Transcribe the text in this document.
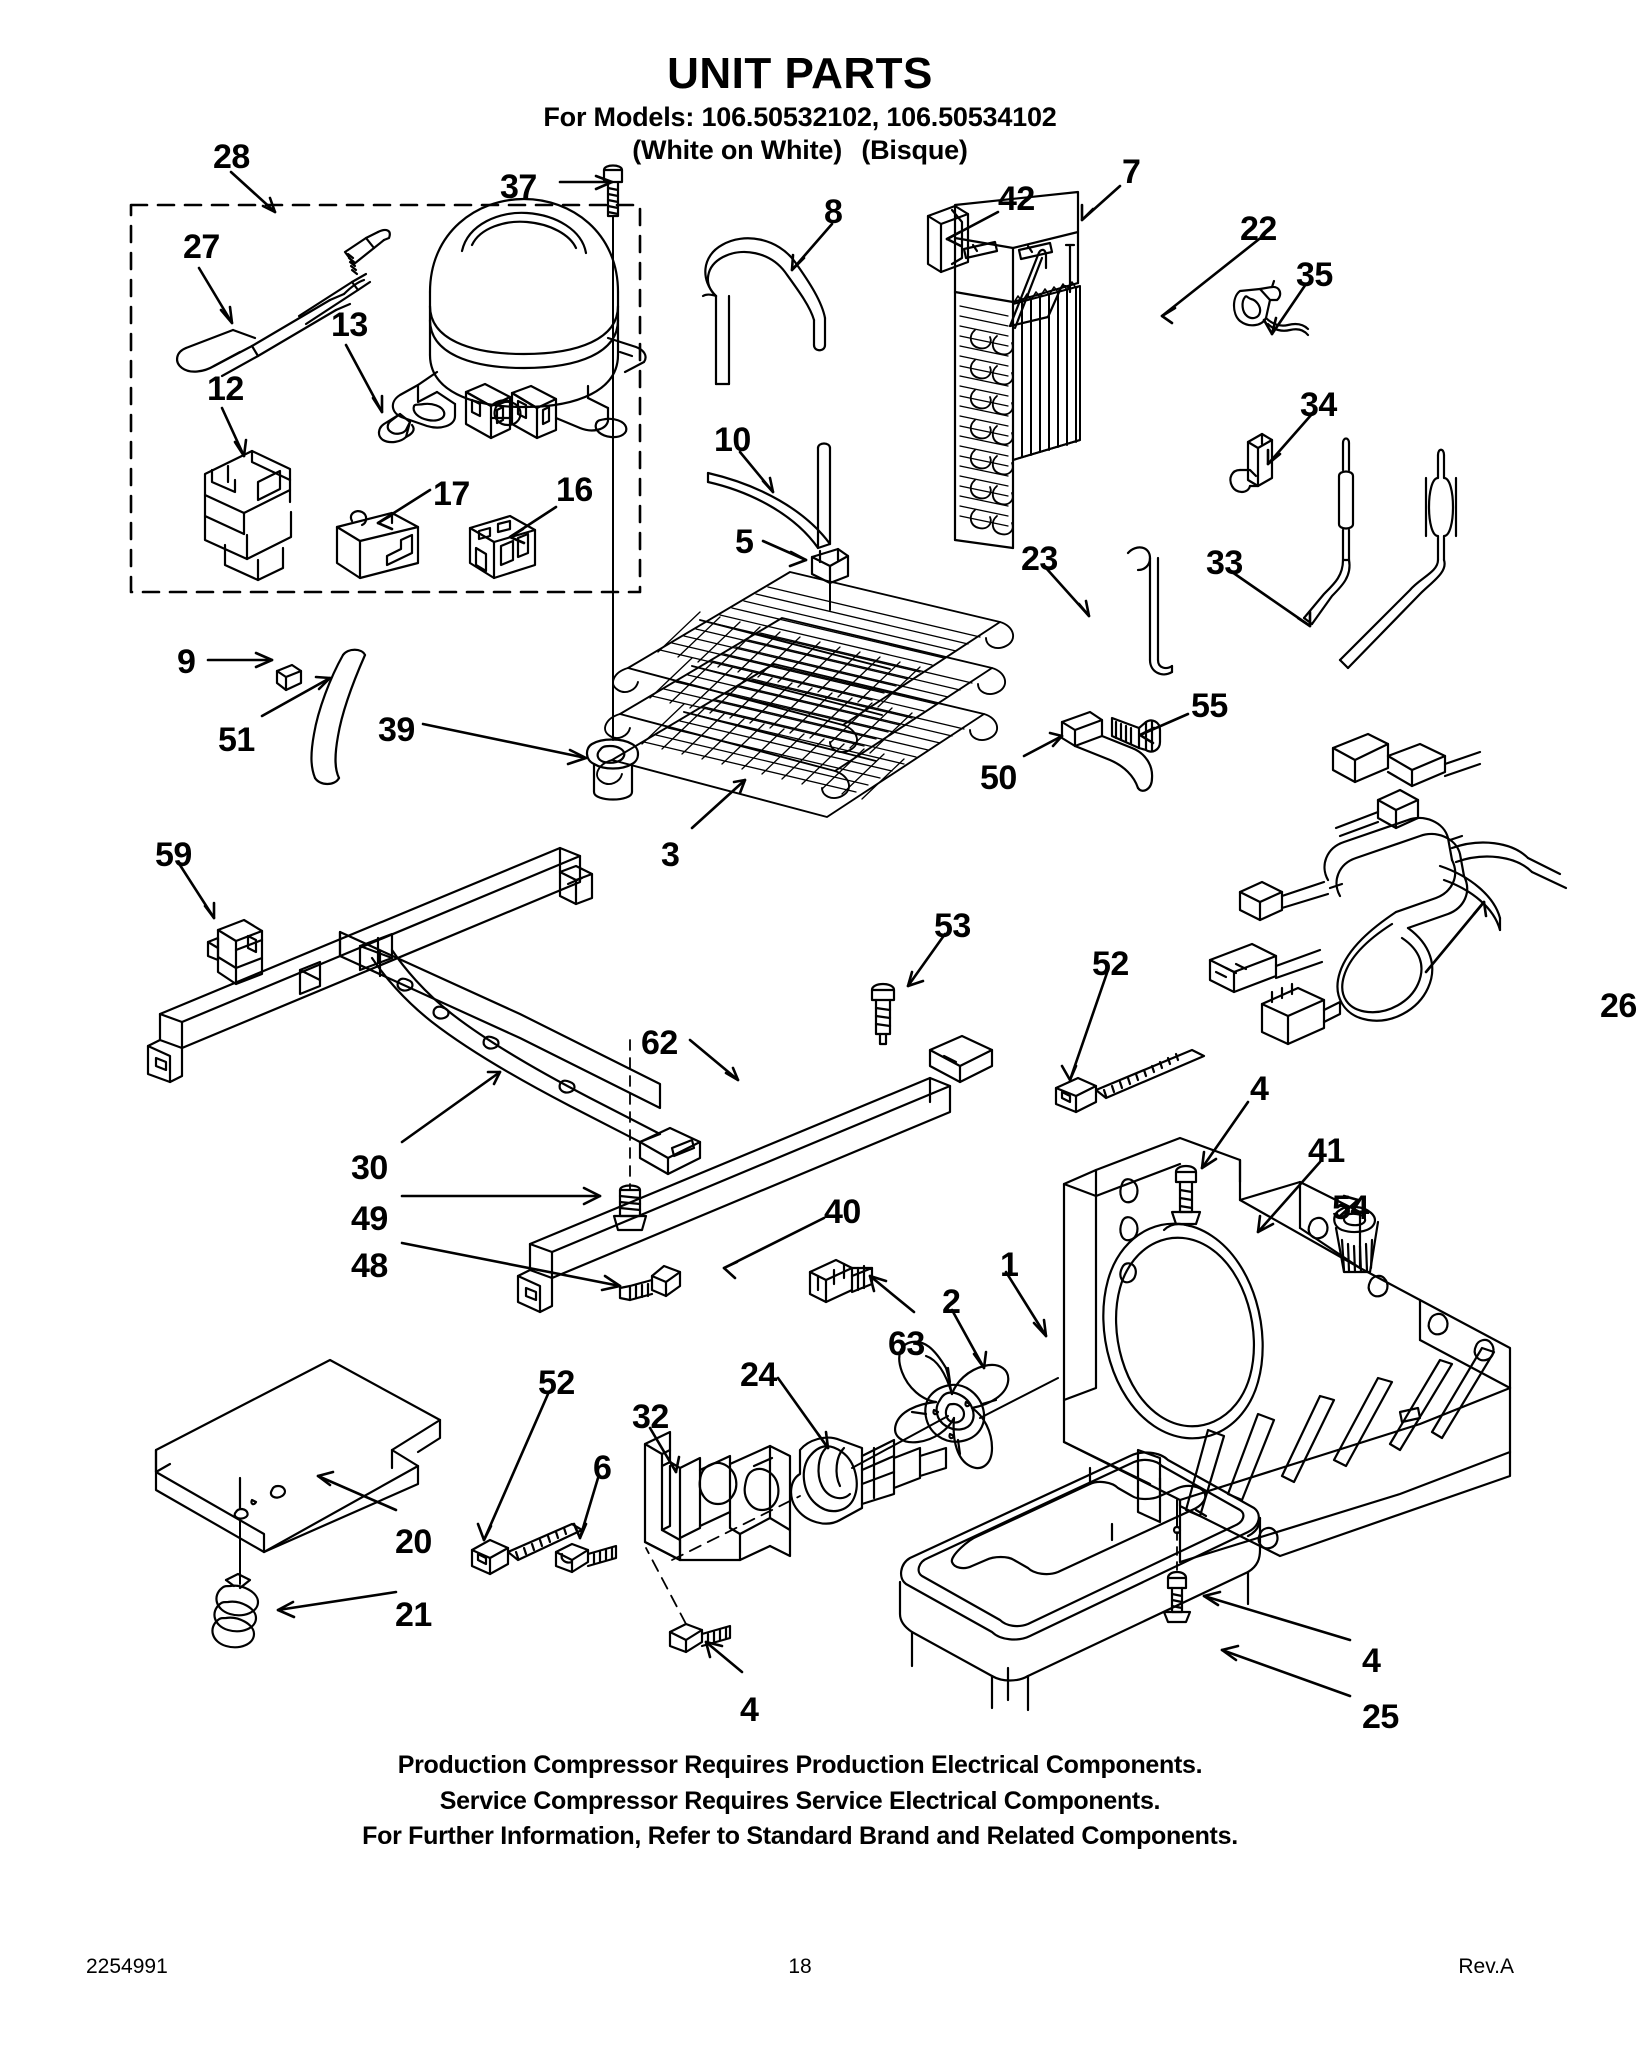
UNIT PARTS
For Models: 106.50532102, 106.50534102
(White on White) (Bisque)
28
37
27
13
12
17	16
8
10
5
42
7
22
35
34
23	33
9
51	39
3
55
50
59
26
53
52
62
30
49
48
40
4
41
54
1
2
63
24
32
52
6
20
21
4
4
25
Production Compressor Requires Production Electrical Components.
Service Compressor Requires Service Electrical Components.
For Further Information, Refer to Standard Brand and Related Components.
2254991	18	Rev.A
